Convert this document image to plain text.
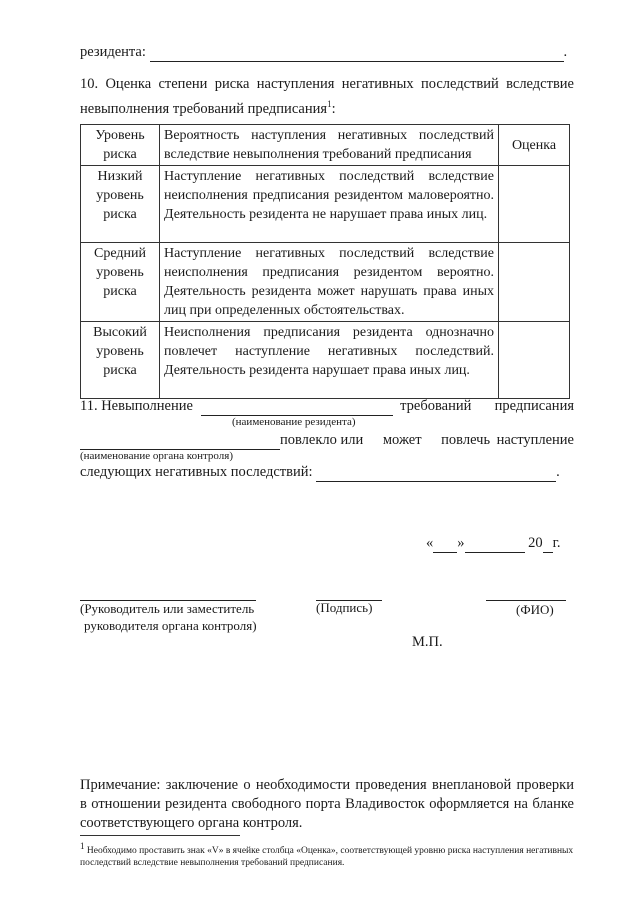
резидента:	.
10. Оценка степени риска наступления негативных последствий вследствие невыполнения требований предписания$^1$:
Уровень риска	Вероятность наступления негативных последствий вследствие невыполнения требований предписания	Оценка
Низкий уровень риска	Наступление негативных последствий вследствие неисполнения предписания резидентом маловероятно. Деятельность резидента не нарушает права иных лиц.	
Средний уровень риска	Наступление негативных последствий вследствие неисполнения предписания резидентом вероятно. Деятельность резидента может нарушать права иных лиц при определенных обстоятельствах.	
Высокий уровень риска	Неисполнения предписания резидента однозначно повлечет наступление негативных последствий. Деятельность резидента нарушает права иных лиц.	
11. Невыполнение	требований предписания
(наименование резидента)
повлекло или может повлечь наступление
(наименование органа контроля)
следующих негативных последствий:	.
« »	20 г.
(Руководитель или заместитель
руководителя органа контроля)
(Подпись)	(ФИО)
М.П.
Примечание: заключение о необходимости проведения внеплановой проверки в отношении резидента свободного порта Владивосток оформляется на бланке соответствующего органа контроля.
$^1$ Необходимо проставить знак «V» в ячейке столбца «Оценка», соответствующей уровню риска наступления негативных последствий вследствие невыполнения требований предписания.
